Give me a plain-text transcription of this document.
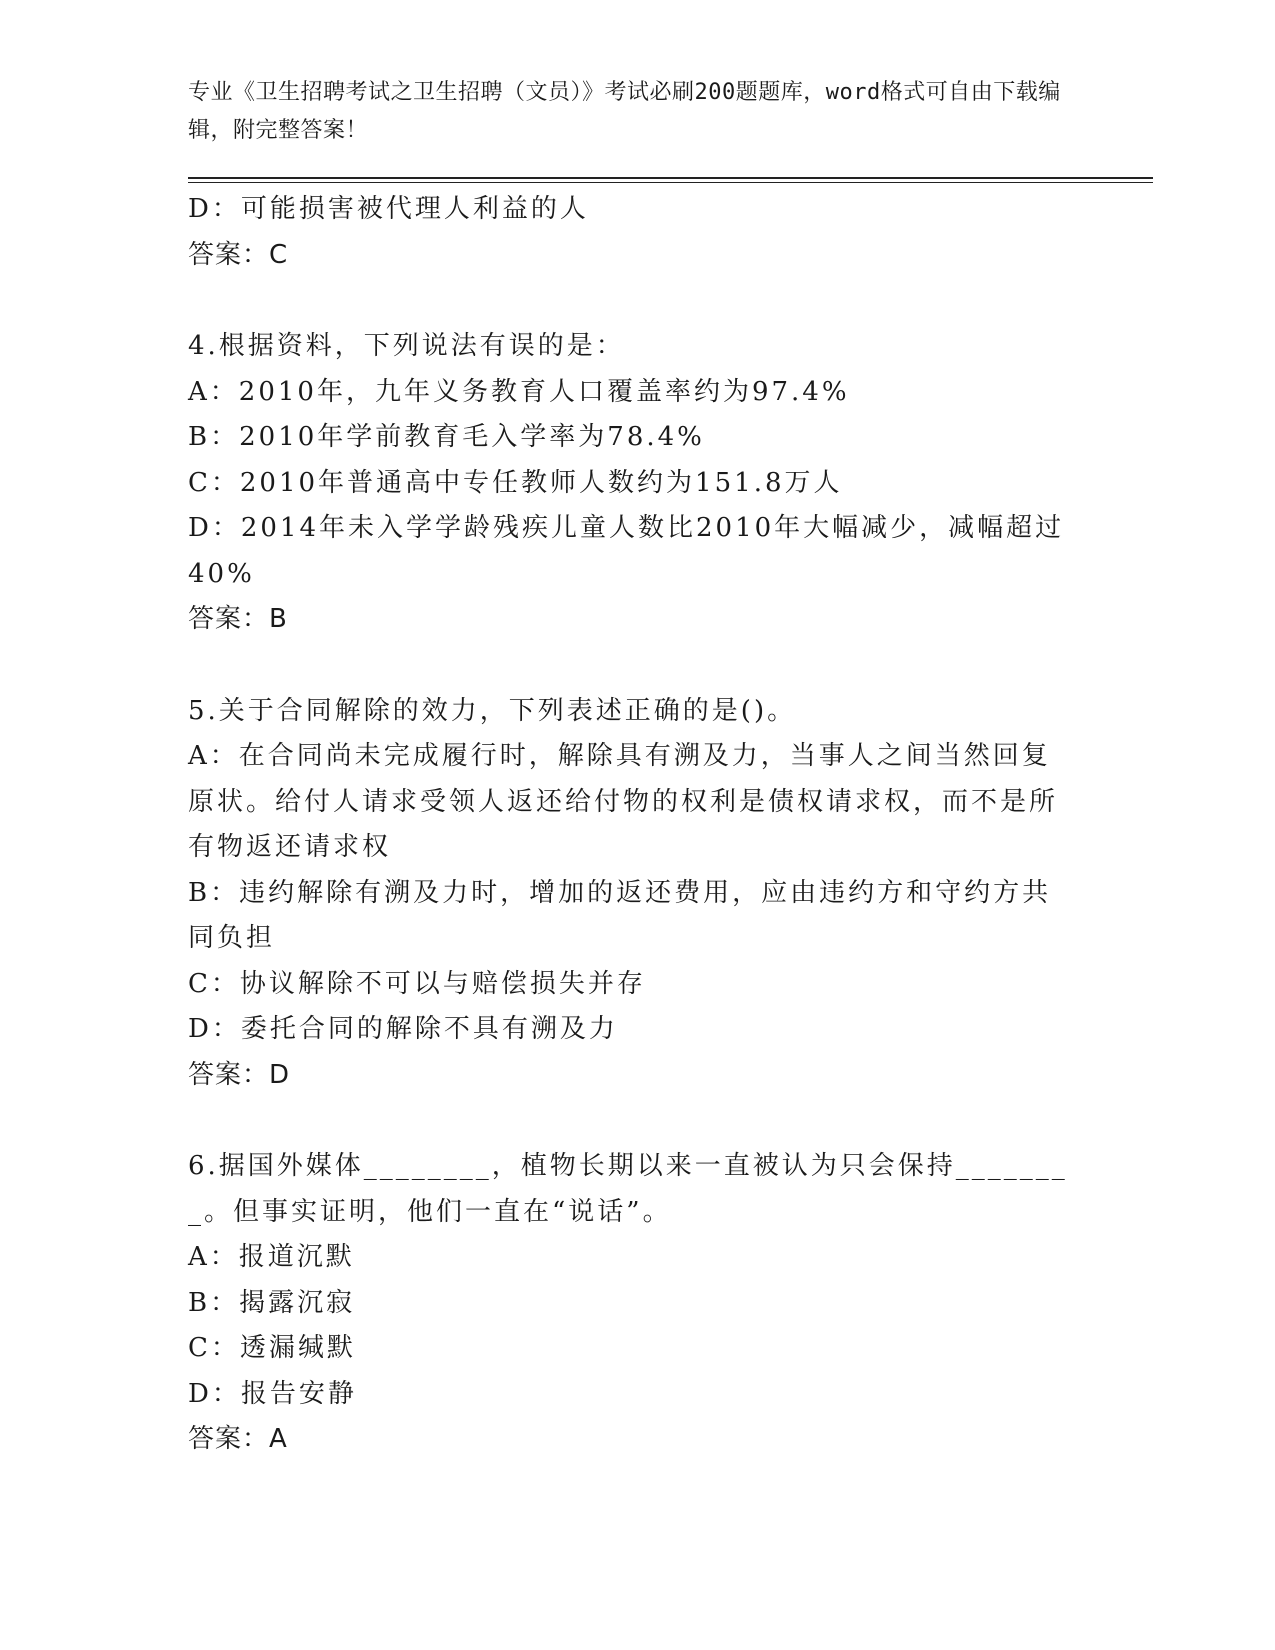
专业《卫生招聘考试之卫生招聘（文员）》考试必刷200题题库，word格式可自由下载编辑，附完整答案！
D：可能损害被代理人利益的人
答案：C
4.根据资料，下列说法有误的是：
A：2010年，九年义务教育人口覆盖率约为97.4%
B：2010年学前教育毛入学率为78.4%
C：2010年普通高中专任教师人数约为151.8万人
D：2014年未入学学龄残疾儿童人数比2010年大幅减少，减幅超过40%
答案：B
5.关于合同解除的效力，下列表述正确的是()。
A：在合同尚未完成履行时，解除具有溯及力，当事人之间当然回复原状。给付人请求受领人返还给付物的权利是债权请求权，而不是所有物返还请求权
B：违约解除有溯及力时，增加的返还费用，应由违约方和守约方共同负担
C：协议解除不可以与赔偿损失并存
D：委托合同的解除不具有溯及力
答案：D
6.据国外媒体________，植物长期以来一直被认为只会保持________。但事实证明，他们一直在“说话”。
A：报道沉默
B：揭露沉寂
C：透漏缄默
D：报告安静
答案：A
